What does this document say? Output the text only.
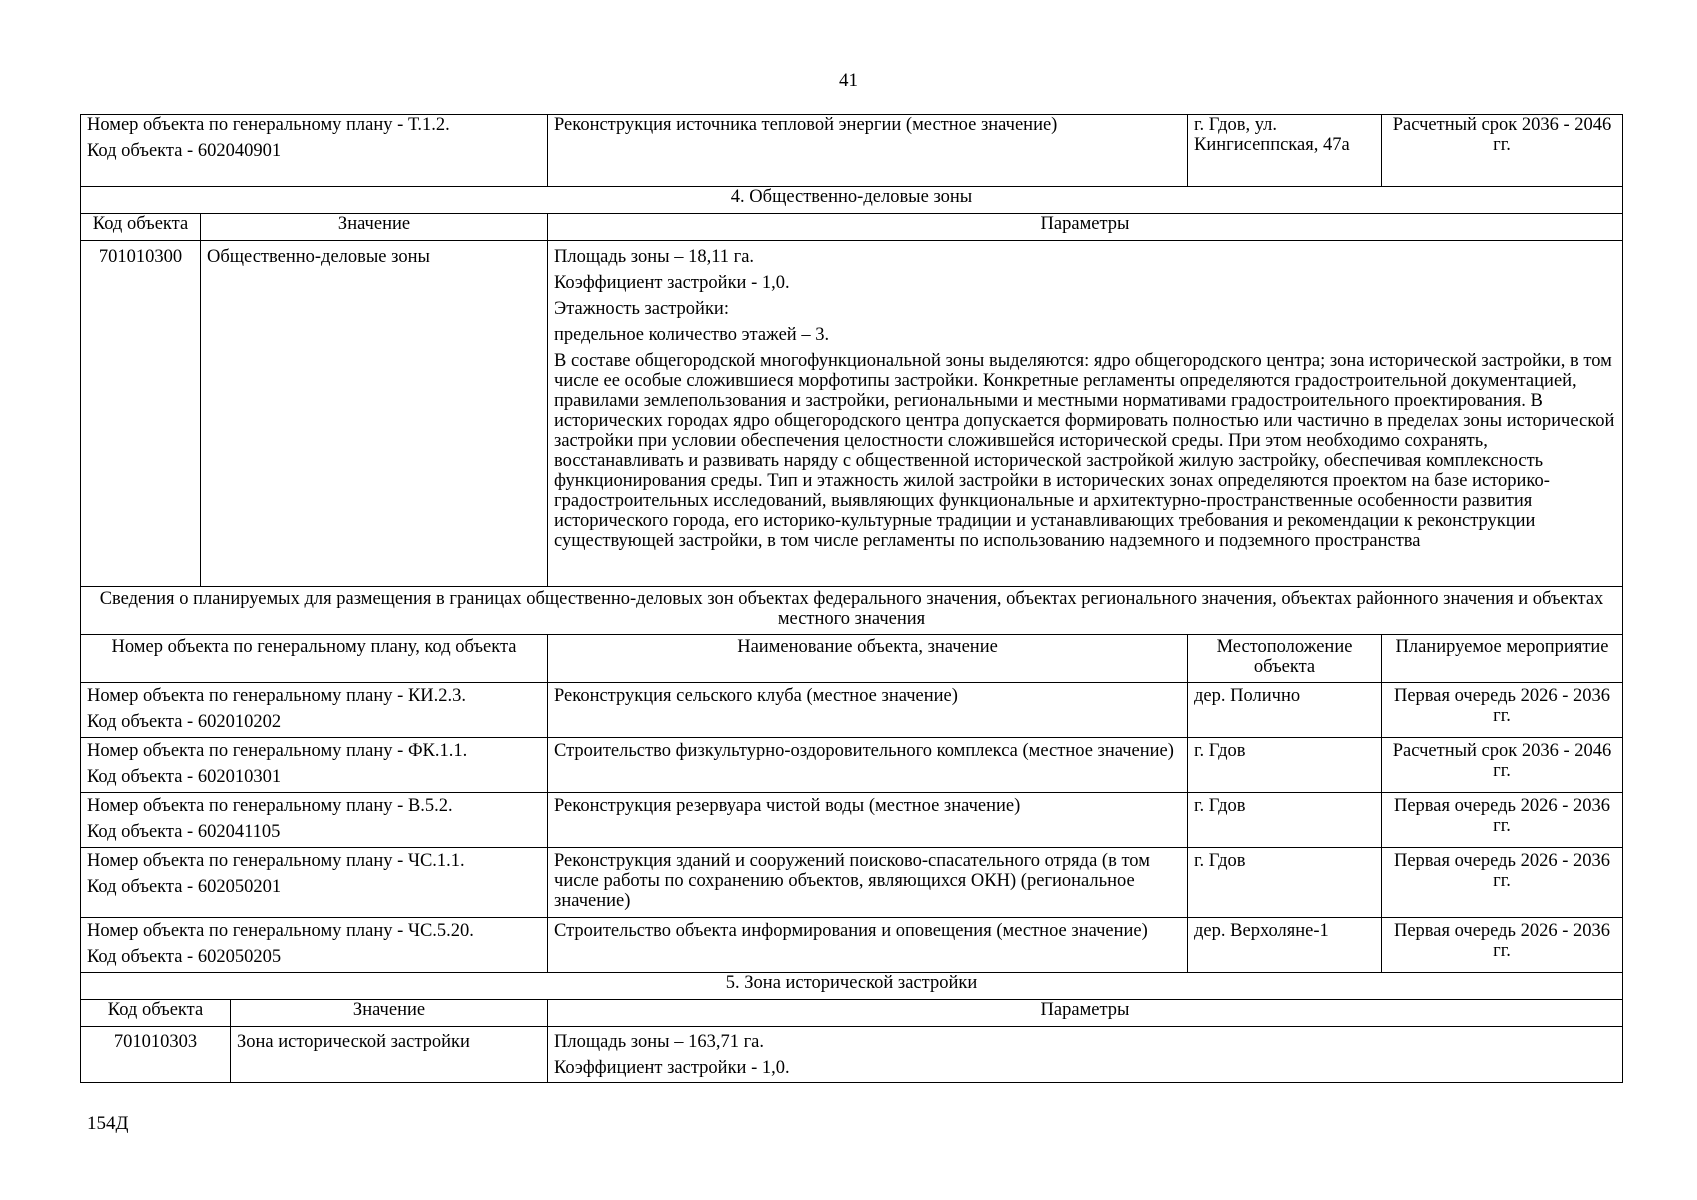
41
Номер объекта по генеральному плану - Т.1.2.
Код объекта - 602040901			Реконструкция источника тепловой энергии (местное значение)	г. Гдов, ул. Кингисеппская, 47а	Расчетный срок 2036 - 2046 гг.
4. Общественно-деловые зоны					
Код объекта	Значение		Параметры		
701010300	Общественно-деловые зоны		Площадь зоны – 18,11 га.
Коэффициент застройки - 1,0.
Этажность застройки:
предельное количество этажей – 3.
В составе общегородской многофункциональной зоны выделяются: ядро общегородского центра; зона исторической застройки, в том числе ее особые сложившиеся морфотипы застройки. Конкретные регламенты определяются градостроительной документацией, правилами землепользования и застройки, региональными и местными нормативами градостроительного проектирования. В исторических городах ядро общегородского центра допускается формировать полностью или частично в пределах зоны исторической застройки при условии обеспечения целостности сложившейся исторической среды. При этом необходимо сохранять, восстанавливать и развивать наряду с общественной исторической застройкой жилую застройку, обеспечивая комплексность функционирования среды. Тип и этажность жилой застройки в исторических зонах определяются проектом на базе историко-градостроительных исследований, выявляющих функциональные и архитектурно-пространственные особенности развития исторического города, его историко-культурные традиции и устанавливающих требования и рекомендации к реконструкции существующей застройки, в том числе регламенты по использованию надземного и подземного пространства		

Сведения о планируемых для размещения в границах общественно-деловых зон объектах федерального значения, объектах регионального значения, объектах районного значения и объектах местного значения					
Номер объекта по генеральному плану, код объекта			Наименование объекта, значение	Местоположение объекта	Планируемое мероприятие

Номер объекта по генеральному плану - КИ.2.3.
Код объекта - 602010202			Реконструкция сельского клуба (местное значение)	дер. Полично	Первая очередь 2026 - 2036 гг.

Номер объекта по генеральному плану - ФК.1.1.
Код объекта - 602010301			Строительство физкультурно-оздоровительного комплекса (местное значение)	г. Гдов	Расчетный срок 2036 - 2046 гг.

Номер объекта по генеральному плану - В.5.2.
Код объекта - 602041105			Реконструкция резервуара чистой воды (местное значение)	г. Гдов	Первая очередь 2026 - 2036 гг.

Номер объекта по генеральному плану - ЧС.1.1.
Код объекта - 602050201			Реконструкция зданий и сооружений поисково-спасательного отряда (в том числе работы по сохранению объектов, являющихся ОКН) (региональное значение)	г. Гдов	Первая очередь 2026 - 2036 гг.

Номер объекта по генеральному плану - ЧС.5.20.
Код объекта - 602050205			Строительство объекта информирования и оповещения (местное значение)	дер. Верхоляне-1	Первая очередь 2026 - 2036 гг.
5. Зона исторической застройки					
Код объекта		Значение	Параметры		
701010303		Зона исторической застройки	Площадь зоны – 163,71 га.
Коэффициент застройки - 1,0.		
154Д
